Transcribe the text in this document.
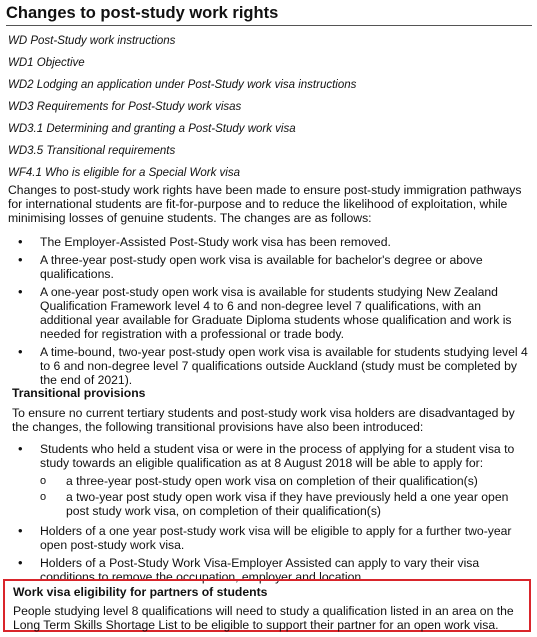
Changes to post-study work rights
WD Post-Study work instructions
WD1 Objective
WD2 Lodging an application under Post-Study work visa instructions
WD3 Requirements for Post-Study work visas
WD3.1 Determining and granting a Post-Study work visa
WD3.5 Transitional requirements
WF4.1 Who is eligible for a Special Work visa

Changes to post-study work rights have been made to ensure post-study immigration pathways for international students are fit-for-purpose and to reduce the likelihood of exploitation, while minimising losses of genuine students. The changes are as follows:

• The Employer-Assisted Post-Study work visa has been removed.
• A three-year post-study open work visa is available for bachelor's degree or above qualifications.
• A one-year post-study open work visa is available for students studying New Zealand Qualification Framework level 4 to 6 and non-degree level 7 qualifications, with an additional year available for Graduate Diploma students whose qualification and work is needed for registration with a professional or trade body.
• A time-bound, two-year post-study open work visa is available for students studying level 4 to 6 and non-degree level 7 qualifications outside Auckland (study must be completed by the end of 2021).

Transitional provisions

To ensure no current tertiary students and post-study work visa holders are disadvantaged by the changes, the following transitional provisions have also been introduced:

• Students who held a student visa or were in the process of applying for a student visa to study towards an eligible qualification as at 8 August 2018 will be able to apply for:
o a three-year post-study open work visa on completion of their qualification(s)
o a two-year post study open work visa if they have previously held a one year open post study work visa, on completion of their qualification(s)
• Holders of a one year post-study work visa will be eligible to apply for a further two-year open post-study work visa.
• Holders of a Post-Study Work Visa-Employer Assisted can apply to vary their visa conditions to remove the occupation, employer and location.

Work visa eligibility for partners of students

People studying level 8 qualifications will need to study a qualification listed in an area on the Long Term Skills Shortage List to be eligible to support their partner for an open work visa.
